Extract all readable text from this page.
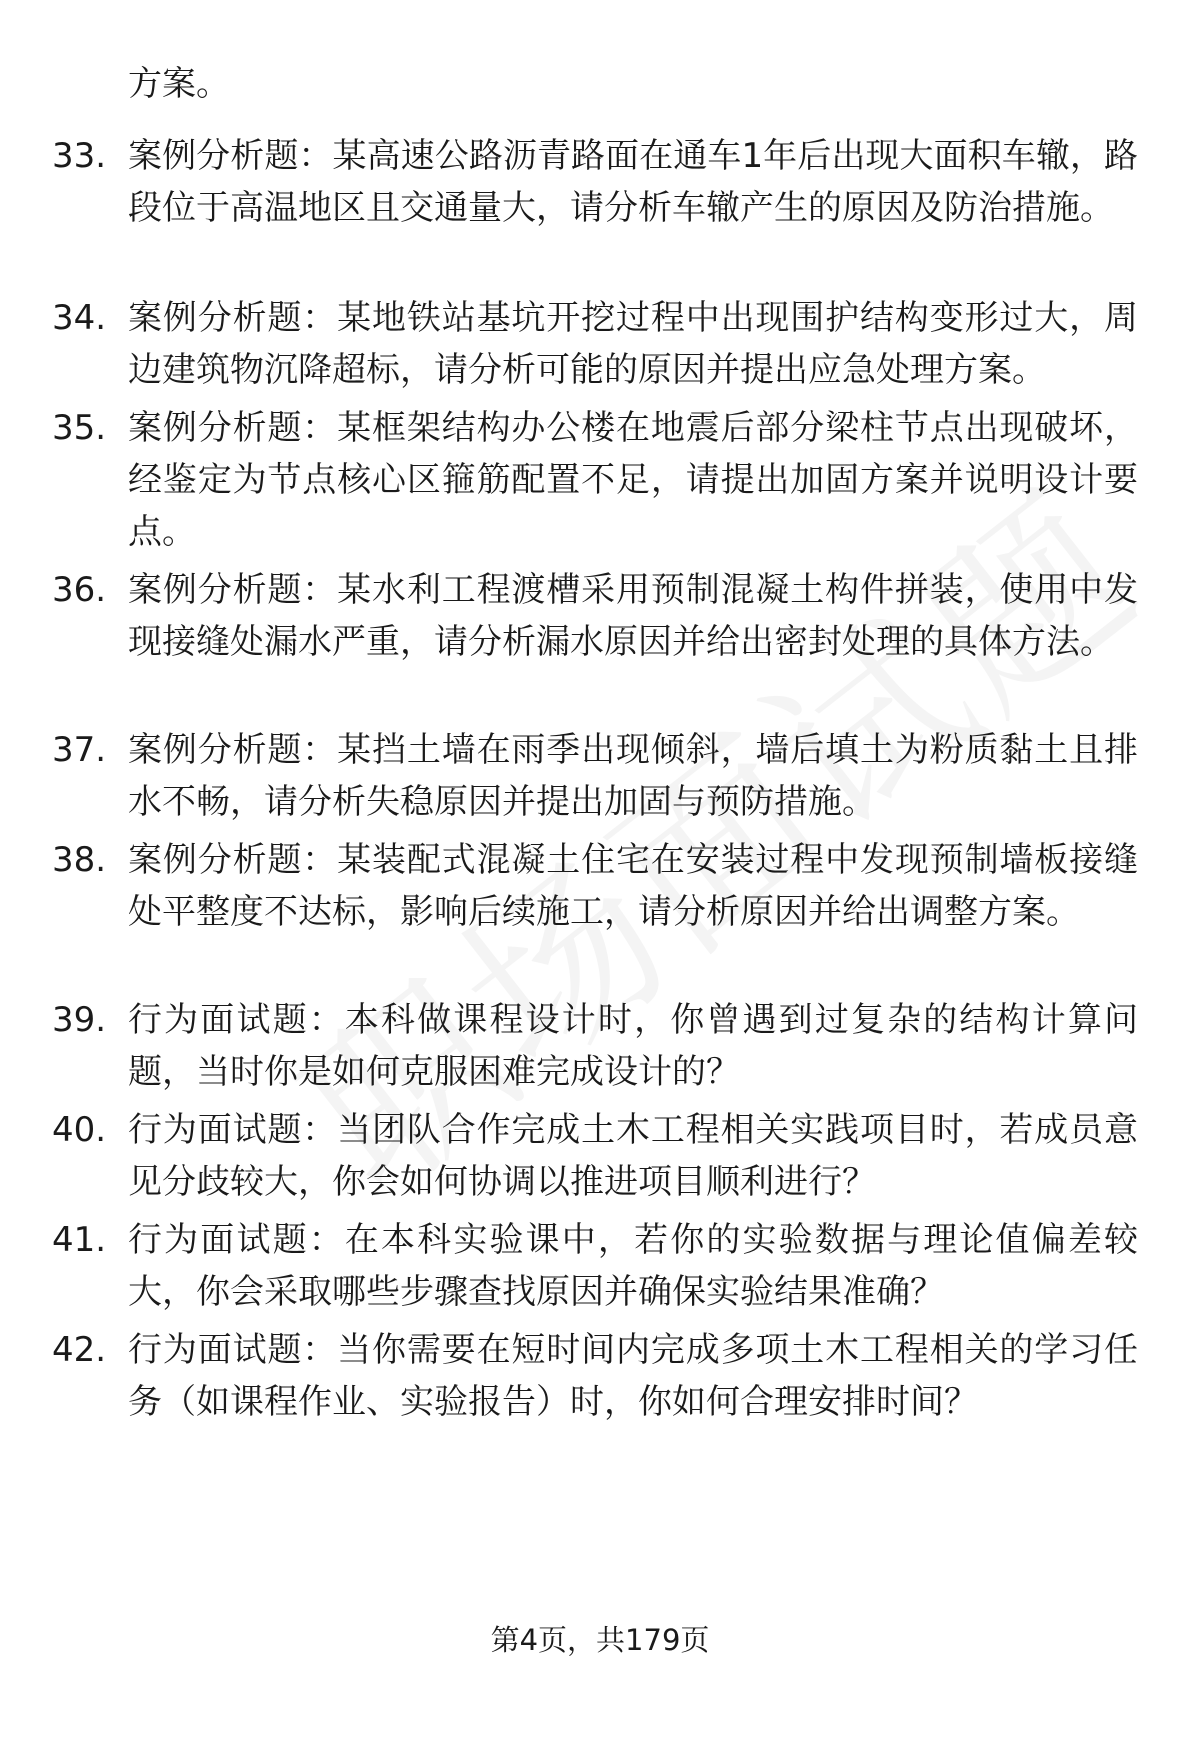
方案。
33. 案例分析题：某高速公路沥青路面在通车1年后出现大面积车辙，路段位于高温地区且交通量大，请分析车辙产生的原因及防治措施。
34. 案例分析题：某地铁站基坑开挖过程中出现围护结构变形过大，周边建筑物沉降超标，请分析可能的原因并提出应急处理方案。
35. 案例分析题：某框架结构办公楼在地震后部分梁柱节点出现破坏，经鉴定为节点核心区箍筋配置不足，请提出加固方案并说明设计要点。
36. 案例分析题：某水利工程渡槽采用预制混凝土构件拼装，使用中发现接缝处漏水严重，请分析漏水原因并给出密封处理的具体方法。
37. 案例分析题：某挡土墙在雨季出现倾斜，墙后填土为粉质黏土且排水不畅，请分析失稳原因并提出加固与预防措施。
38. 案例分析题：某装配式混凝土住宅在安装过程中发现预制墙板接缝处平整度不达标，影响后续施工，请分析原因并给出调整方案。
39. 行为面试题：本科做课程设计时，你曾遇到过复杂的结构计算问题，当时你是如何克服困难完成设计的？
40. 行为面试题：当团队合作完成土木工程相关实践项目时，若成员意见分歧较大，你会如何协调以推进项目顺利进行？
41. 行为面试题：在本科实验课中，若你的实验数据与理论值偏差较大，你会采取哪些步骤查找原因并确保实验结果准确？
42. 行为面试题：当你需要在短时间内完成多项土木工程相关的学习任务（如课程作业、实验报告）时，你如何合理安排时间？
第4页，共179页
